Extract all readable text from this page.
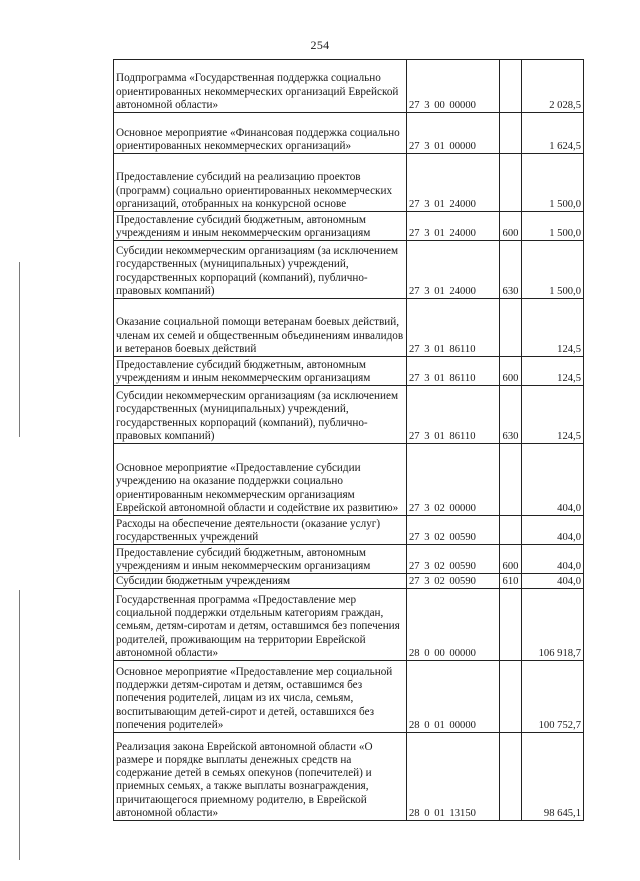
254
Подпрограмма «Государственная поддержка социально ориентированных некоммерческих организаций Еврейской автономной области»	27 3 00 00000		2 028,5
Основное мероприятие «Финансовая поддержка социально ориентированных некоммерческих организаций»	27 3 01 00000		1 624,5
Предоставление субсидий на реализацию проектов (программ) социально ориентированных некоммерческих организаций, отобранных на конкурсной основе	27 3 01 24000		1 500,0
Предоставление субсидий бюджетным, автономным учреждениям и иным некоммерческим организациям	27 3 01 24000	600	1 500,0
Субсидии некоммерческим организациям (за исключением государственных (муниципальных) учреждений, государственных корпораций (компаний), публично-правовых компаний)	27 3 01 24000	630	1 500,0
Оказание социальной помощи ветеранам боевых действий, членам их семей и общественным объединениям инвалидов и ветеранов боевых действий	27 3 01 86110		124,5
Предоставление субсидий бюджетным, автономным учреждениям и иным некоммерческим организациям	27 3 01 86110	600	124,5
Субсидии некоммерческим организациям (за исключением государственных (муниципальных) учреждений, государственных корпораций (компаний), публично-правовых компаний)	27 3 01 86110	630	124,5
Основное мероприятие «Предоставление субсидии учреждению на оказание поддержки социально ориентированным некоммерческим организациям Еврейской автономной области и содействие их развитию»	27 3 02 00000		404,0
Расходы на обеспечение деятельности (оказание услуг) государственных учреждений	27 3 02 00590		404,0
Предоставление субсидий бюджетным, автономным учреждениям и иным некоммерческим организациям	27 3 02 00590	600	404,0
Субсидии бюджетным учреждениям	27 3 02 00590	610	404,0
Государственная программа «Предоставление мер социальной поддержки отдельным категориям граждан, семьям, детям-сиротам и детям, оставшимся без попечения родителей, проживающим на территории Еврейской автономной области»	28 0 00 00000		106 918,7
Основное мероприятие «Предоставление мер социальной поддержки детям-сиротам и детям, оставшимся без попечения родителей, лицам из их числа, семьям, воспитывающим детей-сирот и детей, оставшихся без попечения родителей»	28 0 01 00000		100 752,7
Реализация закона Еврейской автономной области «О размере и порядке выплаты денежных средств на содержание детей в семьях опекунов (попечителей) и приемных семьях, а также выплаты вознаграждения, причитающегося приемному родителю, в Еврейской автономной области»	28 0 01 13150		98 645,1
